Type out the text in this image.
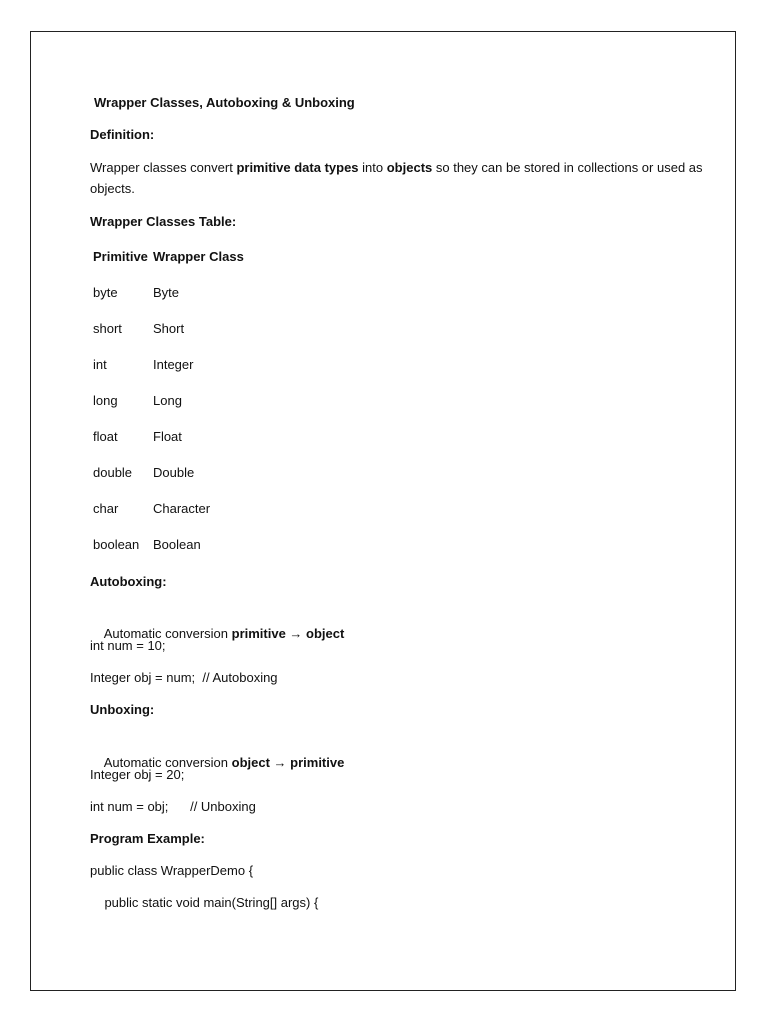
Wrapper Classes, Autoboxing & Unboxing
Definition:
Wrapper classes convert primitive data types into objects so they can be stored in collections or used as objects.
Wrapper Classes Table:
Primitive Wrapper Class
byte	Byte
short Short
int	Integer
long	Long
float	Float
double Double
char	Character
boolean Boolean
Autoboxing:

Automatic conversion primitive → object

int num = 10;
Integer obj = num;  // Autoboxing
Unboxing:

Automatic conversion object → primitive

Integer obj = 20;
int num = obj;      // Unboxing
Program Example:
public class WrapperDemo {
public static void main(String[] args) {
